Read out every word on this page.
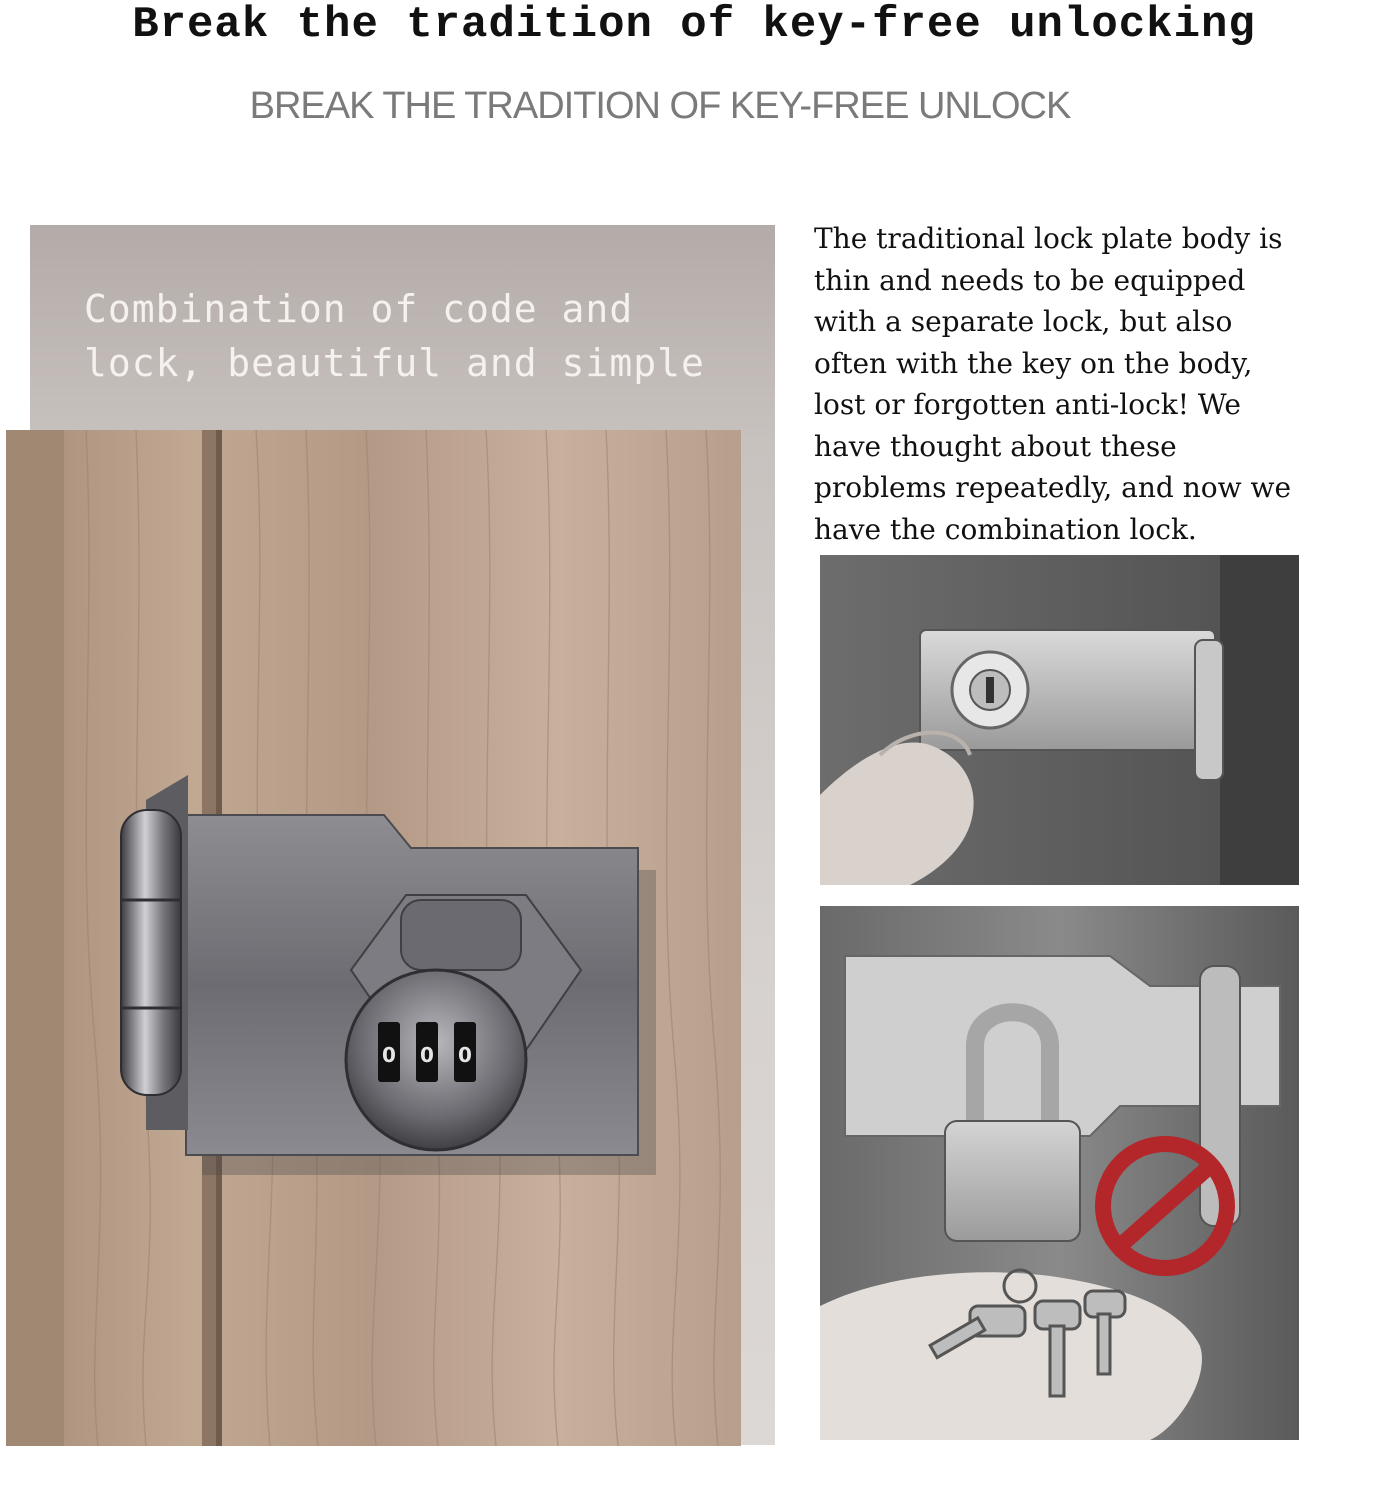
Break the tradition of key-free unlocking

BREAK THE TRADITION OF KEY-FREE UNLOCK

Combination of code and
lock, beautiful and simple

0 0 0

The traditional lock plate body is
thin and needs to be equipped
with a separate lock, but also
often with the key on the body,
lost or forgotten anti-lock! We
have thought about these
problems repeatedly, and now we
have the combination lock.
